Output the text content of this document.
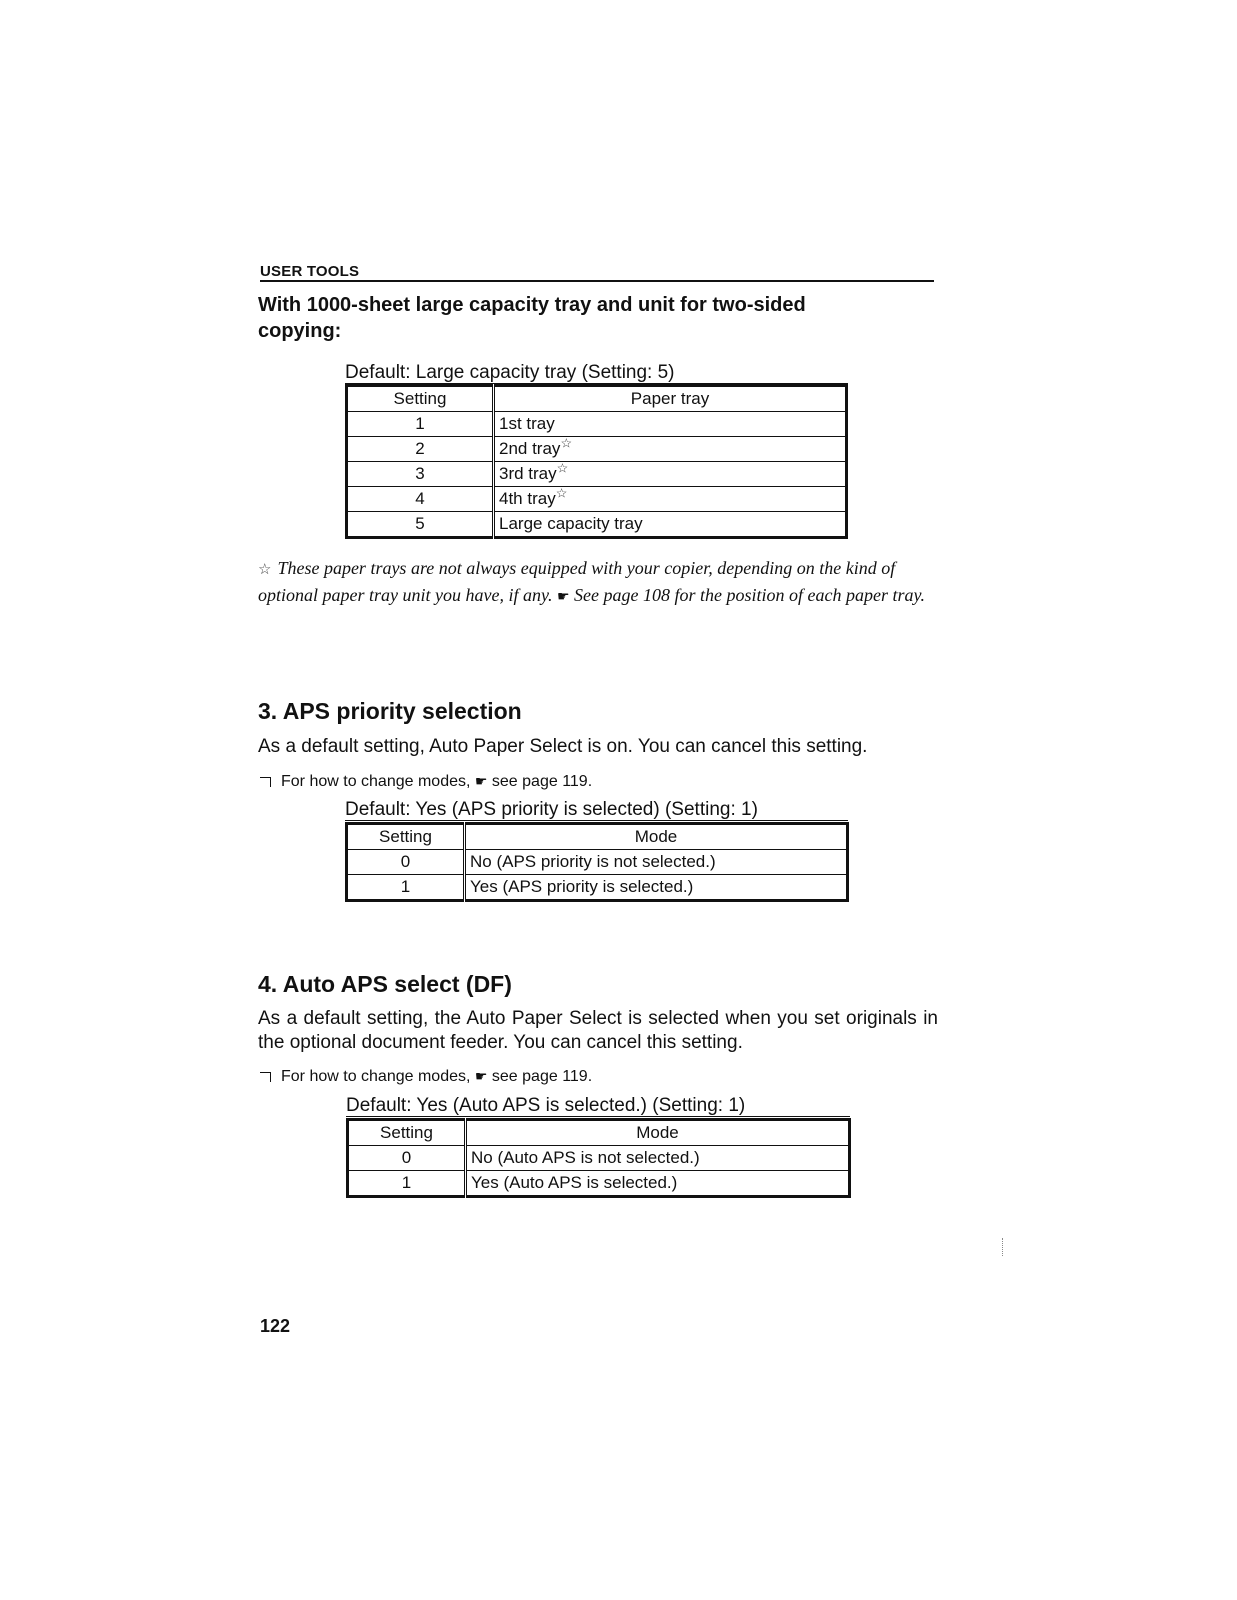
USER TOOLS
With 1000-sheet large capacity tray and unit for two-sided copying:
Default: Large capacity tray (Setting: 5)
Setting	Paper tray
1	1st tray
2	2nd tray☆
3	3rd tray☆
4	4th tray☆
5	Large capacity tray
☆ These paper trays are not always equipped with your copier, depending on the kind of optional paper tray unit you have, if any. ☛ See page 108 for the position of each paper tray.
3. APS priority selection
As a default setting, Auto Paper Select is on. You can cancel this setting.
For how to change modes, ☛ see page 119.
Default: Yes (APS priority is selected) (Setting: 1)
Setting	Mode
0	No (APS priority is not selected.)
1	Yes (APS priority is selected.)
4. Auto APS select (DF)
As a default setting, the Auto Paper Select is selected when you set originals in the optional document feeder. You can cancel this setting.
For how to change modes, ☛ see page 119.
Default: Yes (Auto APS is selected.) (Setting: 1)
Setting	Mode
0	No (Auto APS is not selected.)
1	Yes (Auto APS is selected.)
122
